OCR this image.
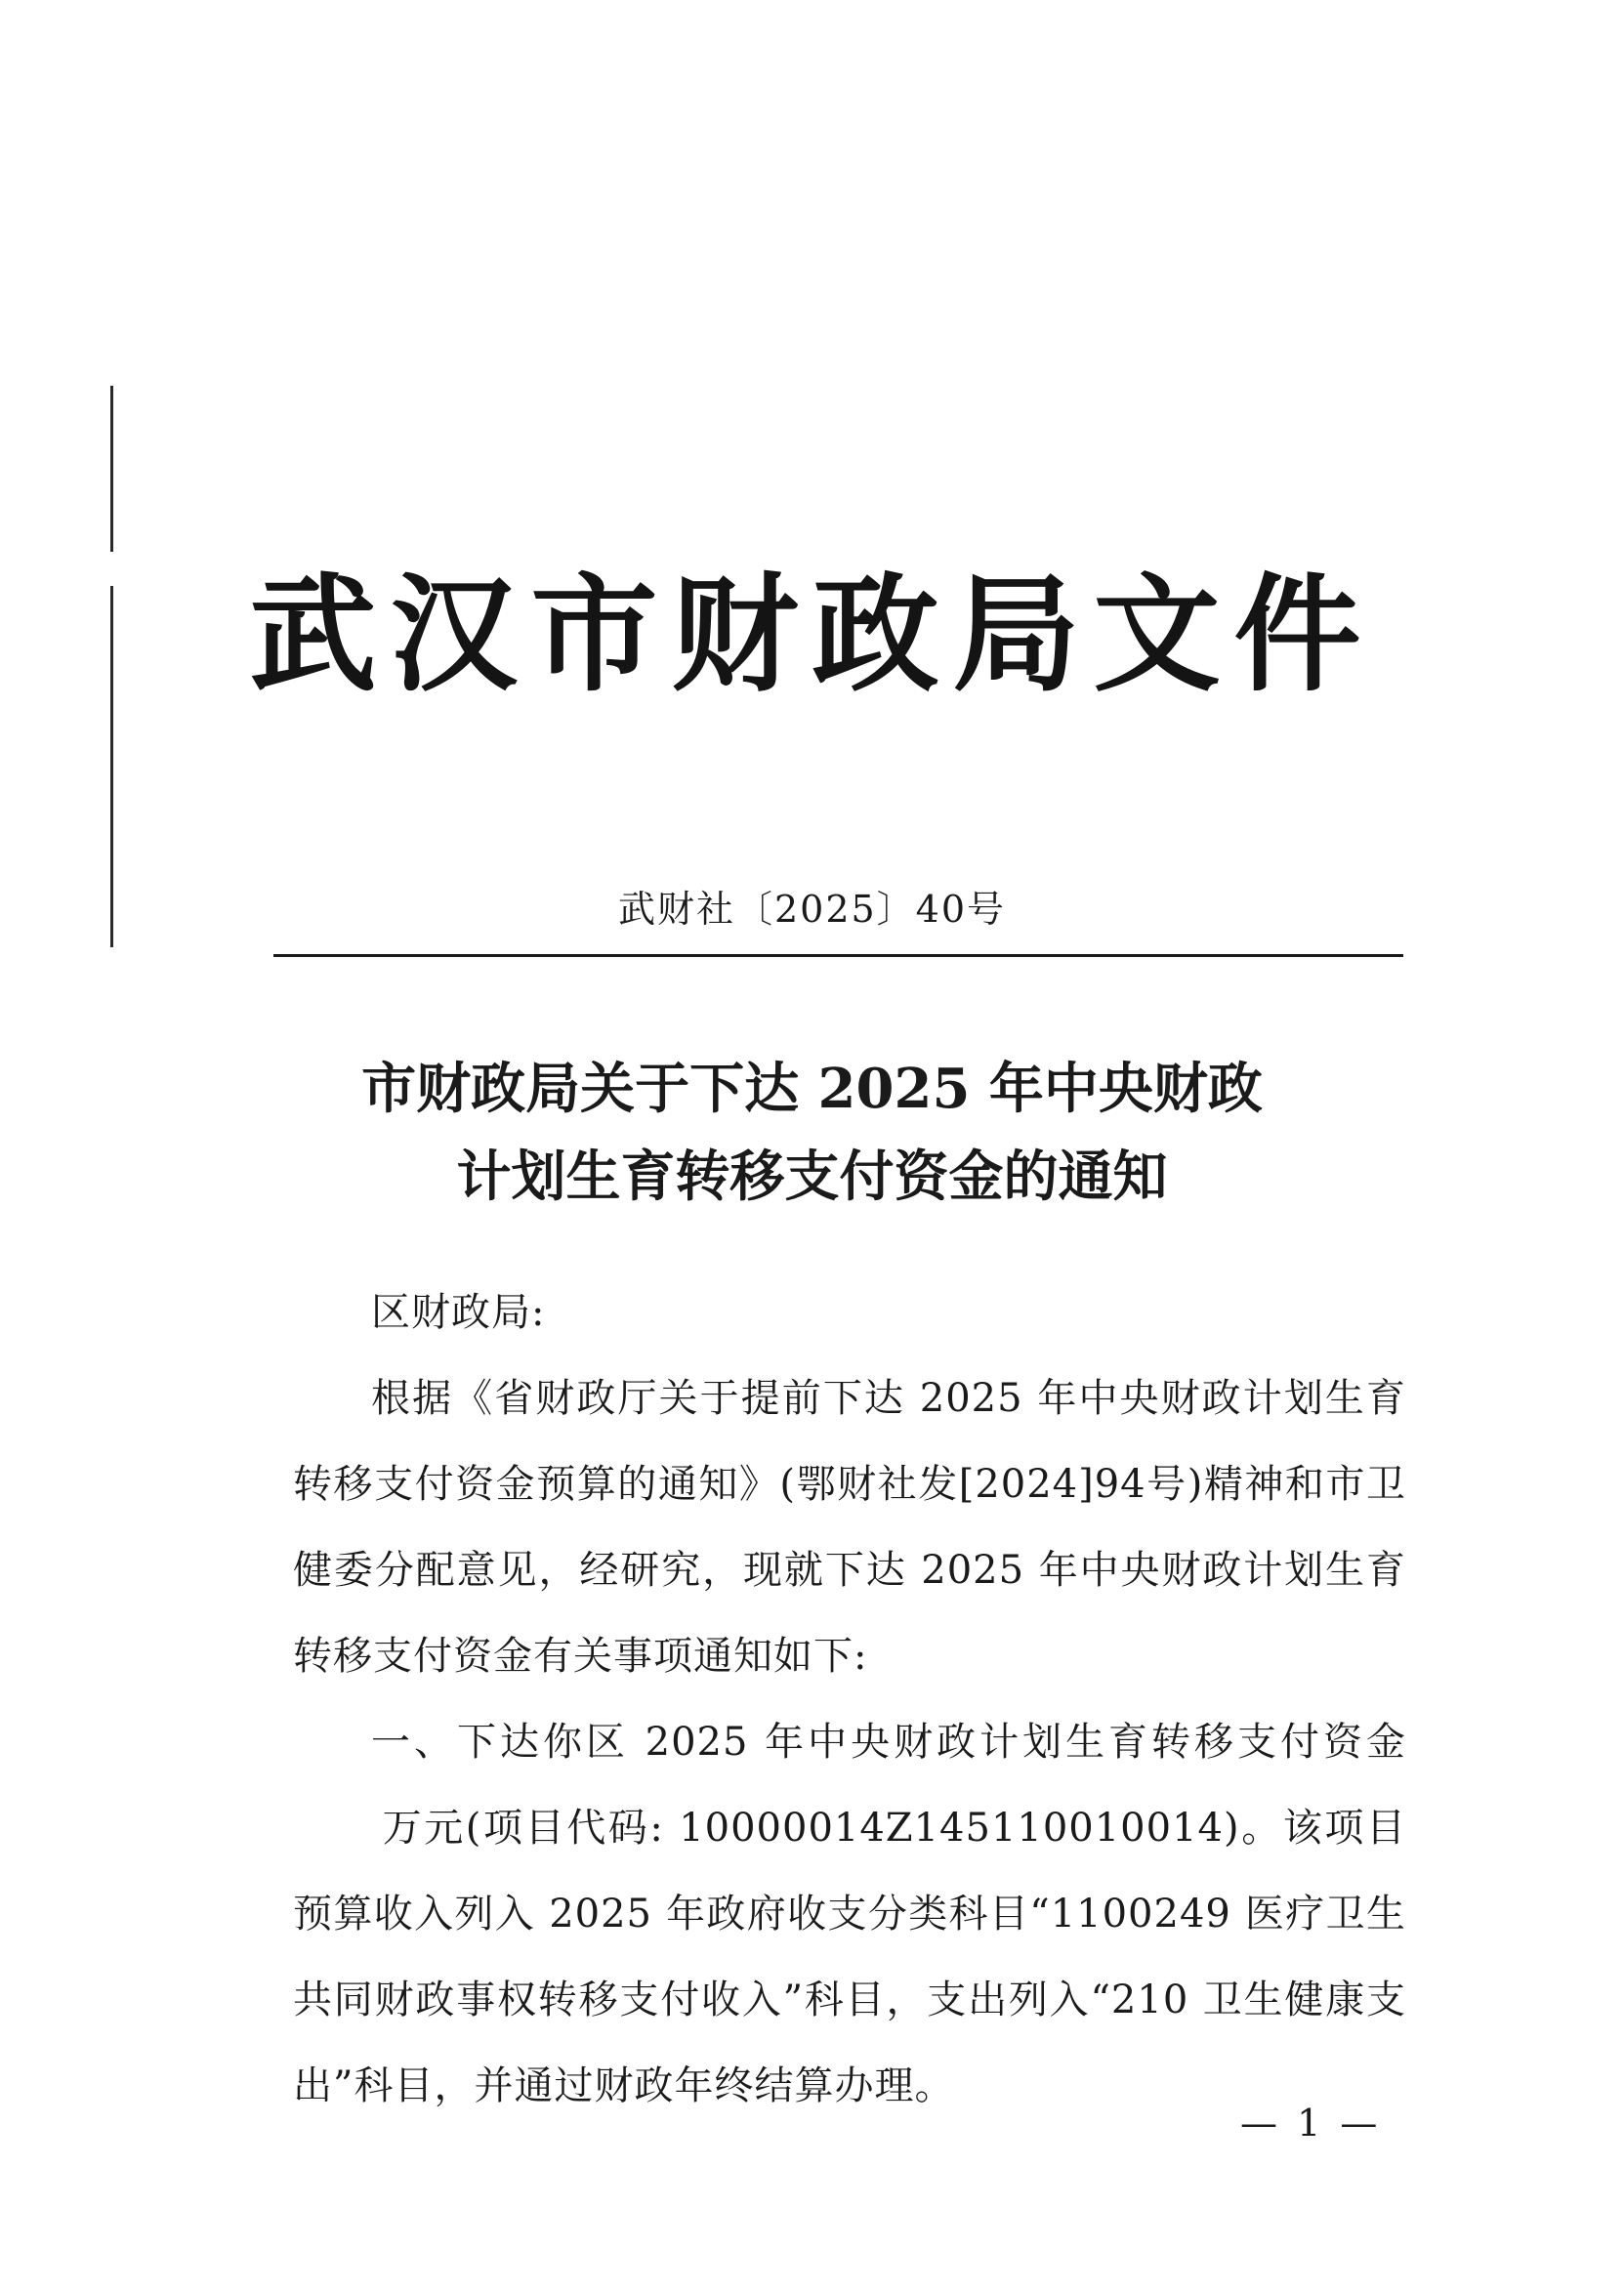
武汉市财政局文件
武财社〔2025〕40号
市财政局关于下达 2025 年中央财政
计划生育转移支付资金的通知

区财政局:

根据《省财政厅关于提前下达 2025 年中央财政计划生育转移支付资金预算的通知》(鄂财社发[2024]94号)精神和市卫健委分配意见，经研究，现就下达 2025 年中央财政计划生育转移支付资金有关事项通知如下:

一、下达你区 2025 年中央财政计划生育转移支付资金万元(项目代码: 10000014Z145110010014)。该项目预算收入列入 2025 年政府收支分类科目“1100249 医疗卫生共同财政事权转移支付收入”科目，支出列入“210 卫生健康支出”科目，并通过财政年终结算办理。

— 1 —
